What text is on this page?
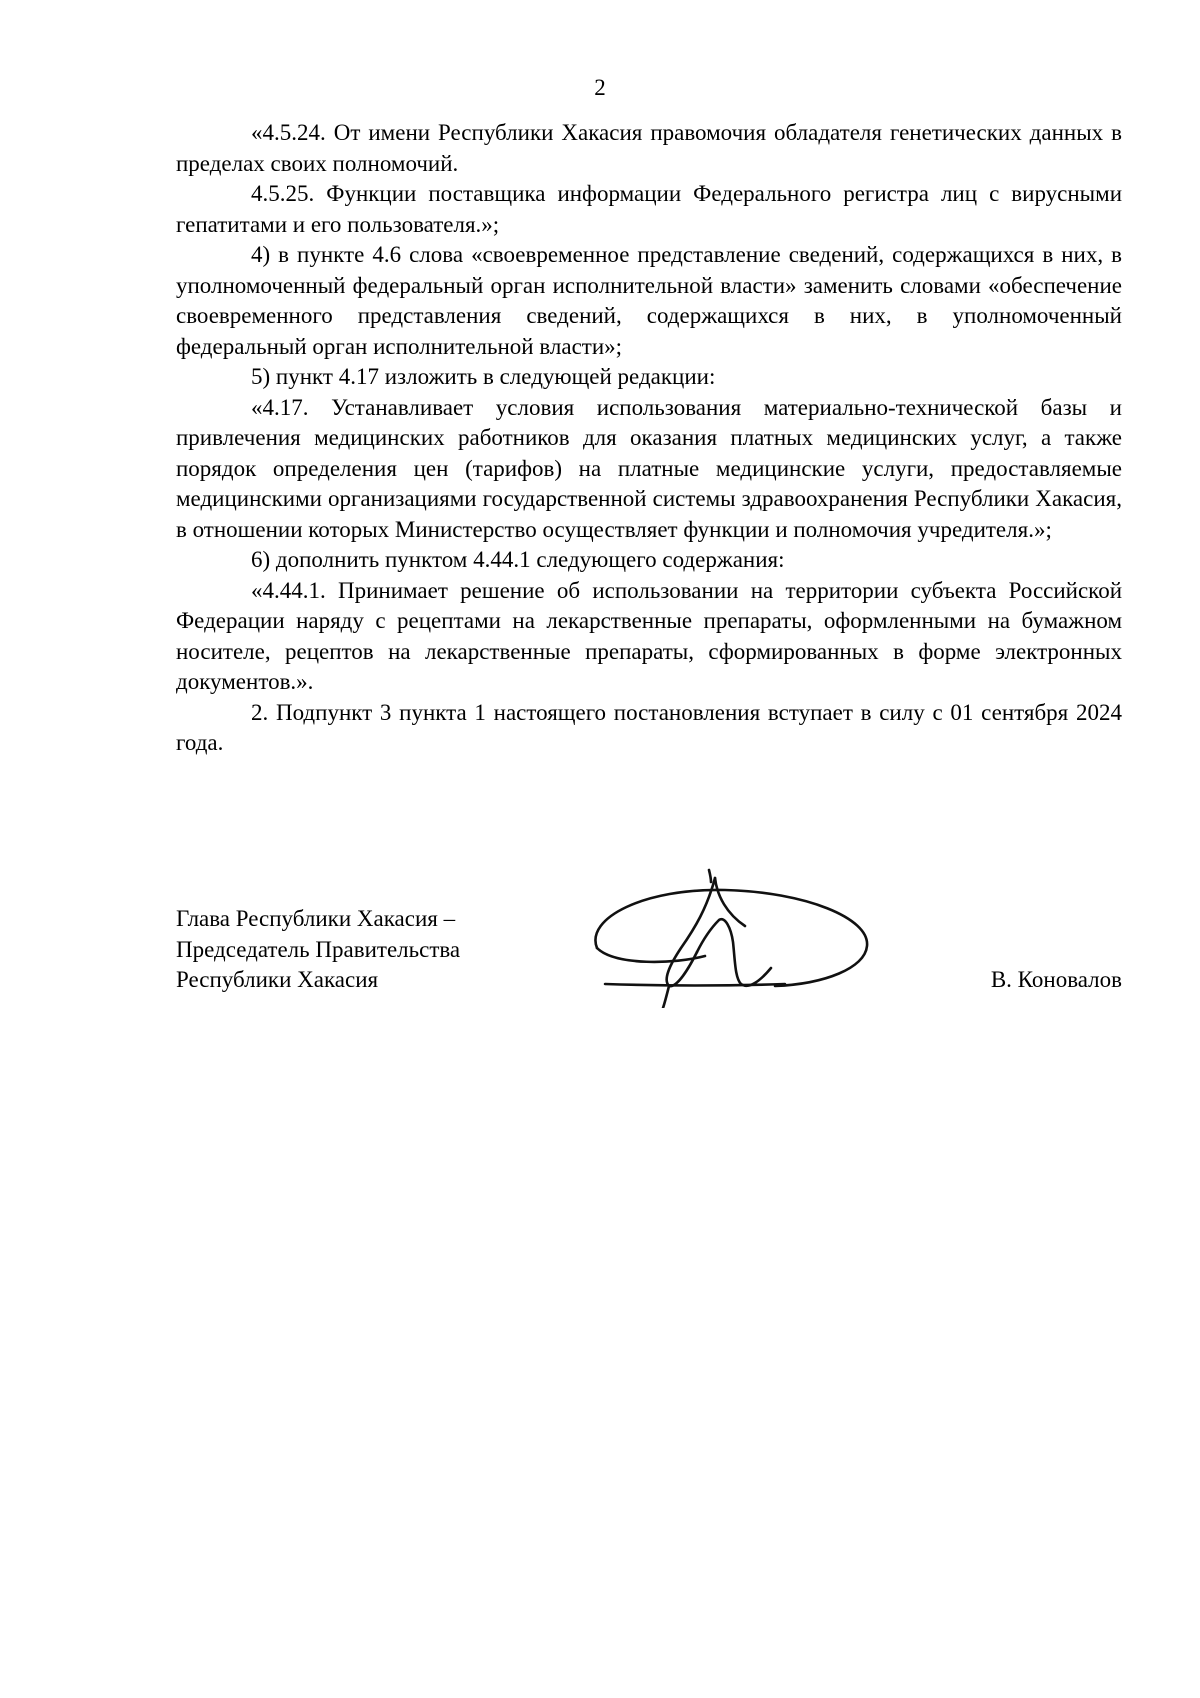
2

«4.5.24. От имени Республики Хакасия правомочия обладателя генетических данных в пределах своих полномочий.

4.5.25. Функции поставщика информации Федерального регистра лиц с вирусными гепатитами и его пользователя.»;

4) в пункте 4.6 слова «своевременное представление сведений, содержащихся в них, в уполномоченный федеральный орган исполнительной власти» заменить словами «обеспечение своевременного представления сведений, содержащихся в них, в уполномоченный федеральный орган исполнительной власти»;

5) пункт 4.17 изложить в следующей редакции:

«4.17. Устанавливает условия использования материально-технической базы и привлечения медицинских работников для оказания платных медицинских услуг, а также порядок определения цен (тарифов) на платные медицинские услуги, предоставляемые медицинскими организациями государственной системы здравоохранения Республики Хакасия, в отношении которых Министерство осуществляет функции и полномочия учредителя.»;

6) дополнить пунктом 4.44.1 следующего содержания:

«4.44.1. Принимает решение об использовании на территории субъекта Российской Федерации наряду с рецептами на лекарственные препараты, оформленными на бумажном носителе, рецептов на лекарственные препараты, сформированных в форме электронных документов.».

2. Подпункт 3 пункта 1 настоящего постановления вступает в силу с 01 сентября 2024 года.

Глава Республики Хакасия –
Председатель Правительства
Республики Хакасия	В. Коновалов
